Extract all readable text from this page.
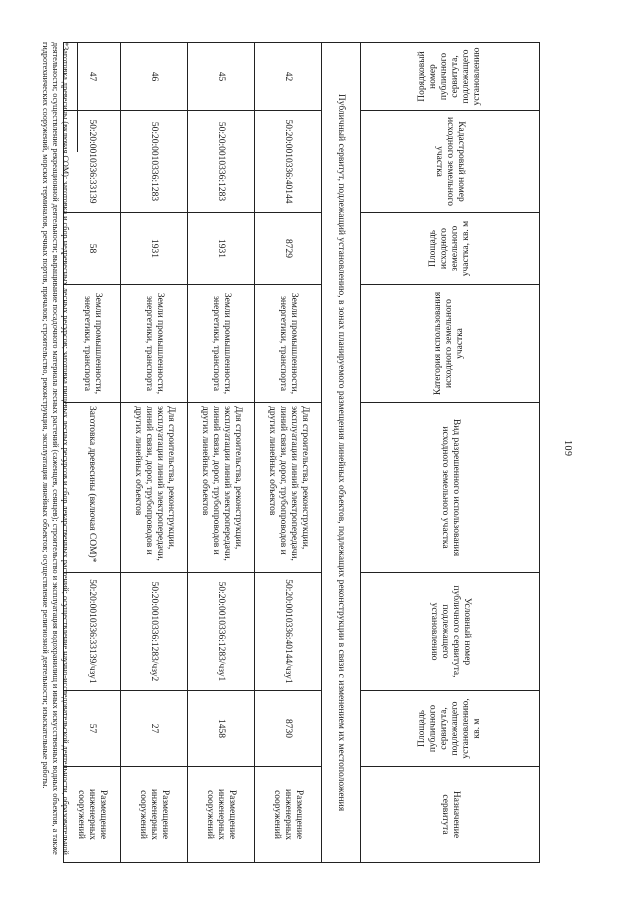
109
Порядковый номер публичного сервитута, подлежащего установлению	Кадастровый номер исходного земельного участка	Площадь исходного земельного участка, кв. м	Категория использования исходного земельного участка	Вид разрешенного использования исходного земельного участка	Условный номер публичного сервитута, подлежащего установлению	Площадь публичного сервитута, подлежащего установлению, кв. м	Назначение сервитута
Публичный сервитут, подлежащий установлению, в зонах планируемого размещения линейных объектов, подлежащих реконструкции в связи с изменением их местоположения							
42	50:20:0010336:40144	8729	Земли промышленности, энергетики, транспорта	Для строительства, реконструкции, эксплуатации линий электропередачи, линий связи, дорог, трубопроводов и других линейных объектов	50:20:0010336:40144/чзу1	8730	Размещение инженерных сооружений
45	50:20:0010336:1283	1931	Земли промышленности, энергетики, транспорта	Для строительства, реконструкции, эксплуатации линий электропередачи, линий связи, дорог, трубопроводов и других линейных объектов	50:20:0010336:1283/чзу1	1458	Размещение инженерных сооружений
46	50:20:0010336:1283	1931	Земли промышленности, энергетики, транспорта	Для строительства, реконструкции, эксплуатации линий электропередачи, линий связи, дорог, трубопроводов и других линейных объектов	50:20:0010336:1283/чзу2	27	Размещение инженерных сооружений
47	50:20:0010336:33139	58	Земли промышленности, энергетики, транспорта	Заготовка древесины (включая СОМ)*	50:20:0010336:33139/чзу1	57	Размещение инженерных сооружений
*Заготовка древесины (включая СОМ): заготовка и сбор недревесных лесных ресурсов; заготовка пищевых лесных ресурсов и сбор лекарственных растений; осуществление научно-исследовательской деятельности, образовательной деятельности; осуществление рекреационной деятельности; выращивание посадочного материала лесных растений (саженцев, сеянцев); строительство и эксплуатация водохранилищ и иных искусственных водных объектов, а также гидротехнических сооружений, морских терминалов, речных портов, причалов; строительство, реконструкция, эксплуатация линейных объектов; осуществление религиозной деятельности; изыскательные работы.
